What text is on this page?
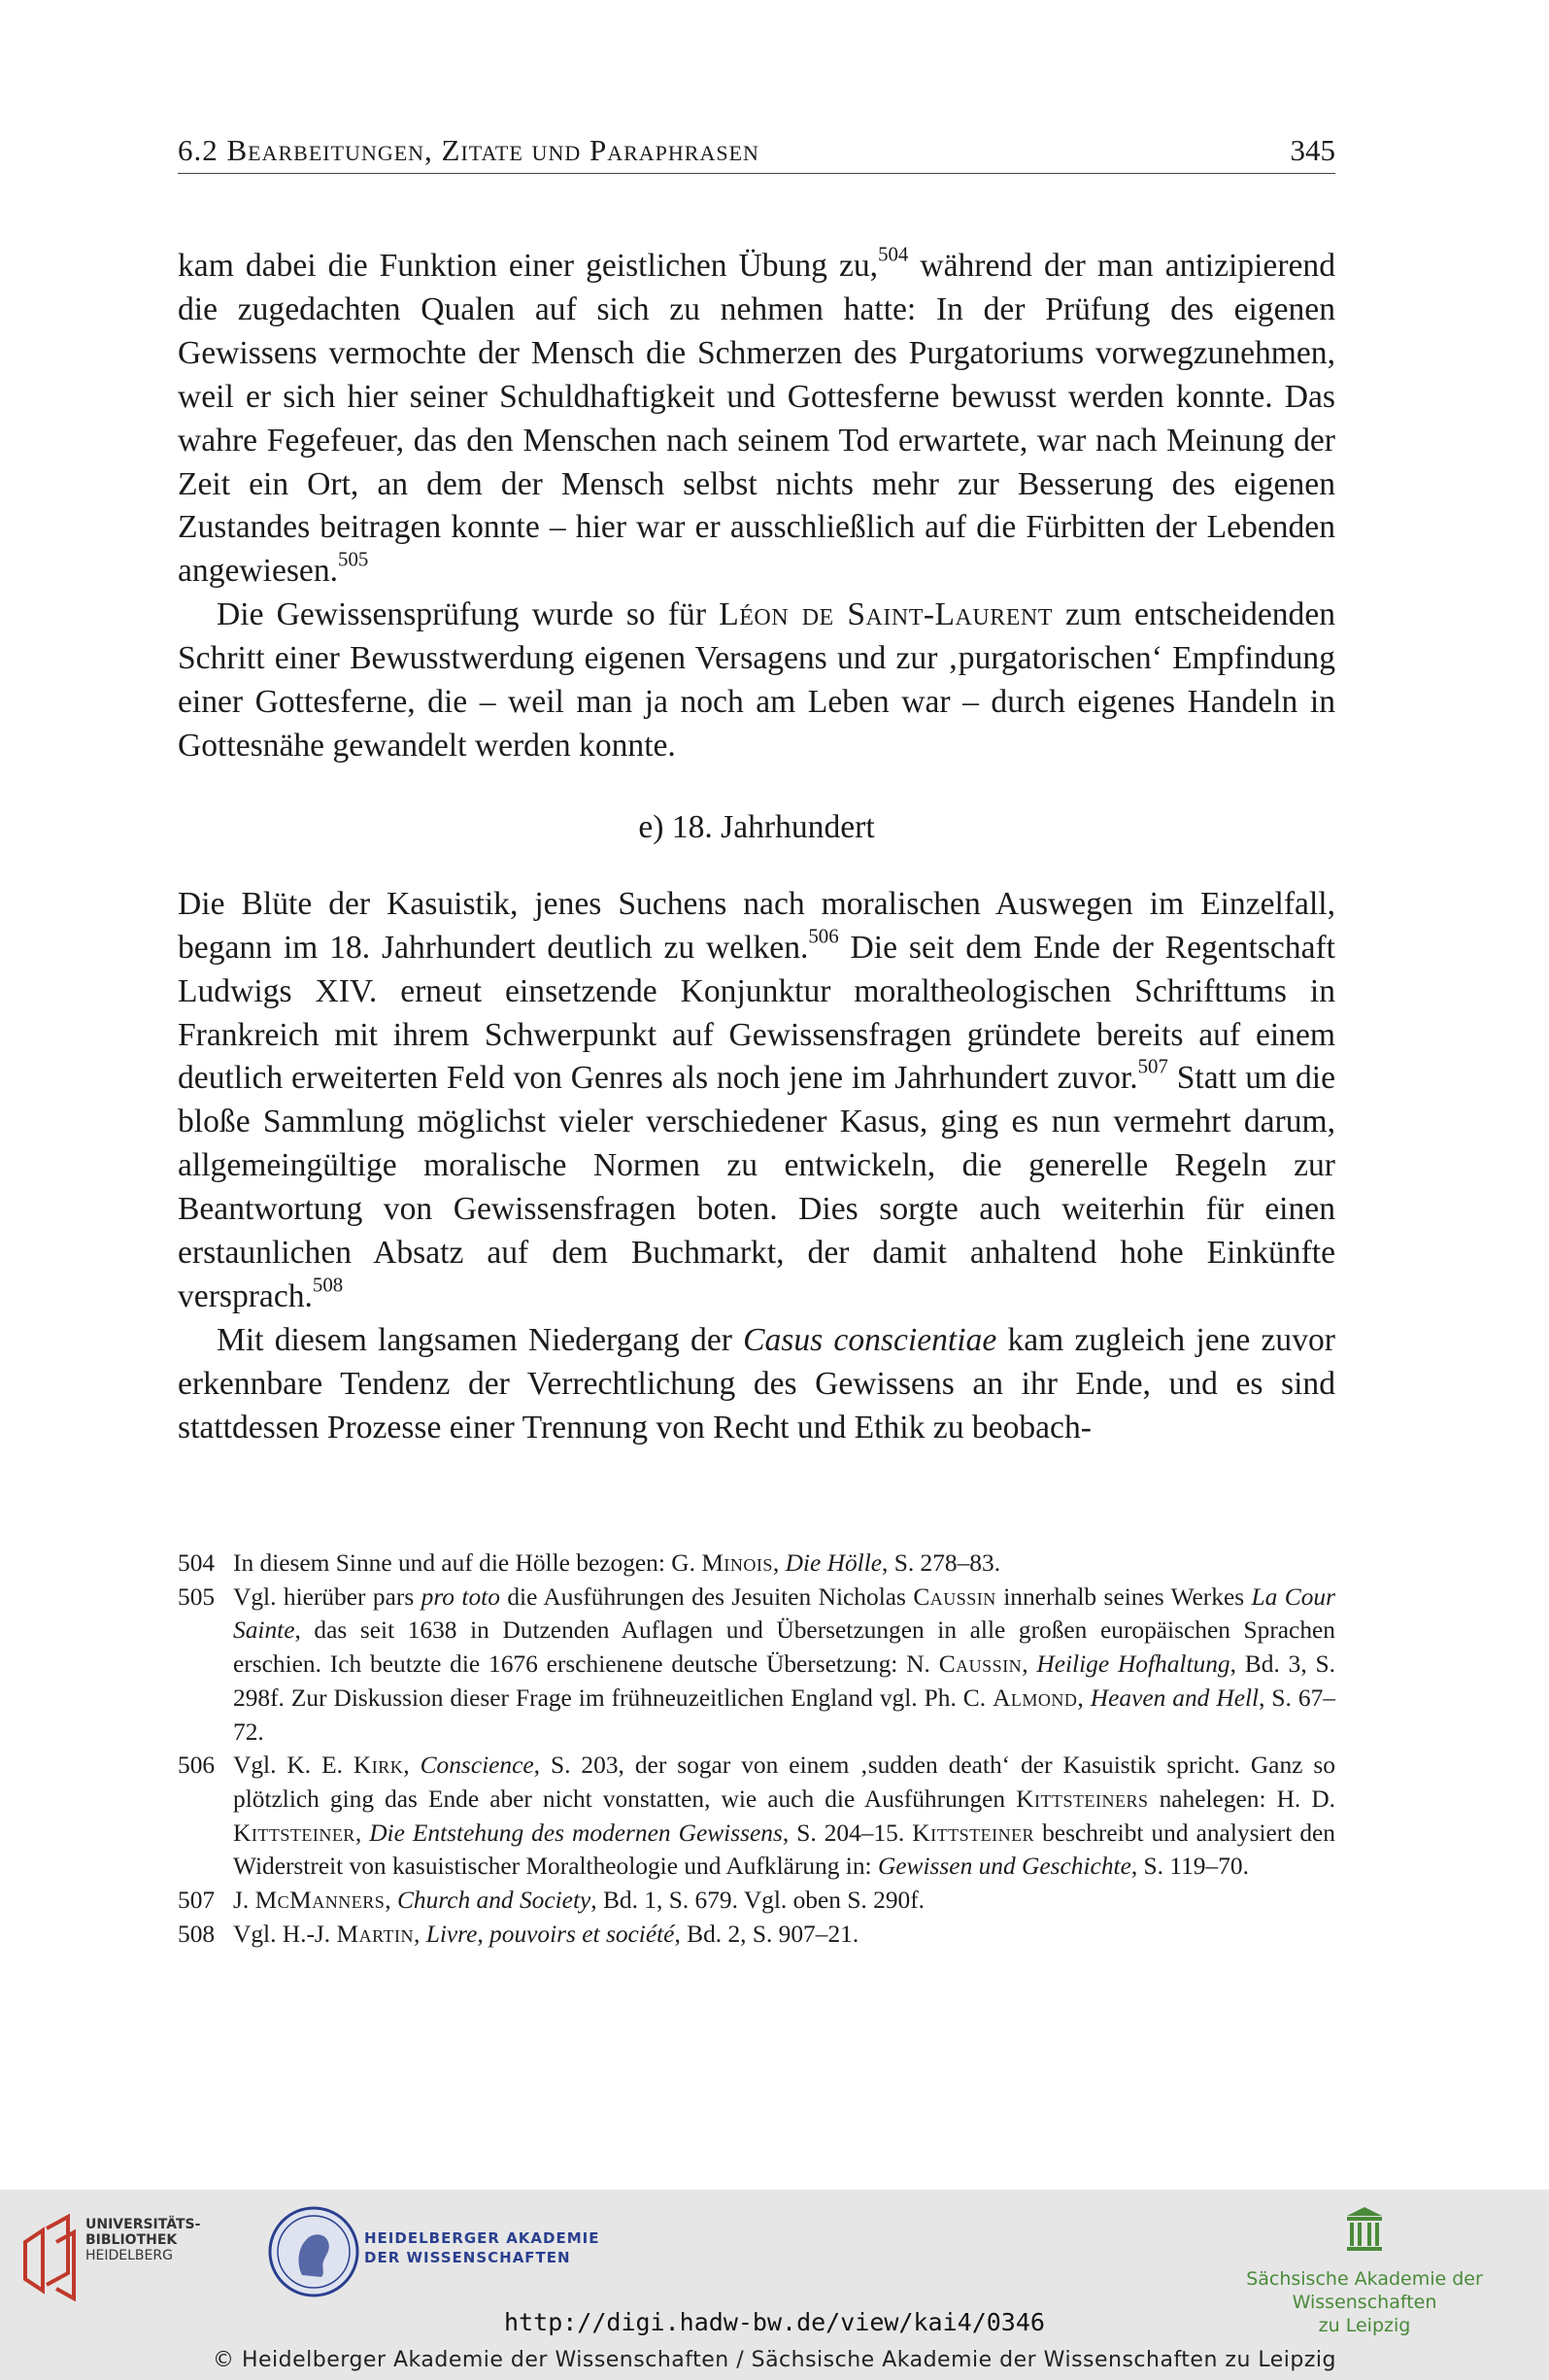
6.2 Bearbeitungen, Zitate und Paraphrasen	345

kam dabei die Funktion einer geistlichen Übung zu,$^{504}$ während der man antizipierend die zugedachten Qualen auf sich zu nehmen hatte: In der Prüfung des eigenen Gewissens vermochte der Mensch die Schmerzen des Purgatoriums vorwegzunehmen, weil er sich hier seiner Schuldhaftigkeit und Gottesferne bewusst werden konnte. Das wahre Fegefeuer, das den Menschen nach seinem Tod erwartete, war nach Meinung der Zeit ein Ort, an dem der Mensch selbst nichts mehr zur Besserung des eigenen Zustandes beitragen konnte – hier war er ausschließlich auf die Fürbitten der Lebenden angewiesen.$^{505}$

Die Gewissensprüfung wurde so für Léon de Saint-Laurent zum entscheidenden Schritt einer Bewusstwerdung eigenen Versagens und zur ‚purgatorischen‘ Empfindung einer Gottesferne, die – weil man ja noch am Leben war – durch eigenes Handeln in Gottesnähe gewandelt werden konnte.

e) 18. Jahrhundert

Die Blüte der Kasuistik, jenes Suchens nach moralischen Auswegen im Einzelfall, begann im 18. Jahrhundert deutlich zu welken.$^{506}$ Die seit dem Ende der Regentschaft Ludwigs XIV. erneut einsetzende Konjunktur moraltheologischen Schrifttums in Frankreich mit ihrem Schwerpunkt auf Gewissensfragen gründete bereits auf einem deutlich erweiterten Feld von Genres als noch jene im Jahrhundert zuvor.$^{507}$ Statt um die bloße Sammlung möglichst vieler verschiedener Kasus, ging es nun vermehrt darum, allgemeingültige moralische Normen zu entwickeln, die generelle Regeln zur Beantwortung von Gewissensfragen boten. Dies sorgte auch weiterhin für einen erstaunlichen Absatz auf dem Buchmarkt, der damit anhaltend hohe Einkünfte versprach.$^{508}$

Mit diesem langsamen Niedergang der Casus conscientiae kam zugleich jene zuvor erkennbare Tendenz der Verrechtlichung des Gewissens an ihr Ende, und es sind stattdessen Prozesse einer Trennung von Recht und Ethik zu beobach-

504 In diesem Sinne und auf die Hölle bezogen: G. Minois, Die Hölle, S. 278–83.
505 Vgl. hierüber pars pro toto die Ausführungen des Jesuiten Nicholas Caussin innerhalb seines Werkes La Cour Sainte, das seit 1638 in Dutzenden Auflagen und Übersetzungen in alle großen europäischen Sprachen erschien. Ich beutzte die 1676 erschienene deutsche Übersetzung: N. Caussin, Heilige Hofhaltung, Bd. 3, S. 298f. Zur Diskussion dieser Frage im frühneuzeitlichen England vgl. Ph. C. Almond, Heaven and Hell, S. 67–72.
506 Vgl. K. E. Kirk, Conscience, S. 203, der sogar von einem ‚sudden death‘ der Kasuistik spricht. Ganz so plötzlich ging das Ende aber nicht vonstatten, wie auch die Ausführungen Kittsteiners nahelegen: H. D. Kittsteiner, Die Entstehung des modernen Gewissens, S. 204–15. Kittsteiner beschreibt und analysiert den Widerstreit von kasuistischer Moraltheologie und Aufklärung in: Gewissen und Geschichte, S. 119–70.
507 J. McManners, Church and Society, Bd. 1, S. 679. Vgl. oben S. 290f.
508 Vgl. H.-J. Martin, Livre, pouvoirs et société, Bd. 2, S. 907–21.
UNIVERSITÄTS-
BIBLIOTHEK
HEIDELBERG
HEIDELBERGER AKADEMIE
DER WISSENSCHAFTEN
Sächsische Akademie der Wissenschaften
zu Leipzig
http://digi.hadw-bw.de/view/kai4/0346
© Heidelberger Akademie der Wissenschaften / Sächsische Akademie der Wissenschaften zu Leipzig
